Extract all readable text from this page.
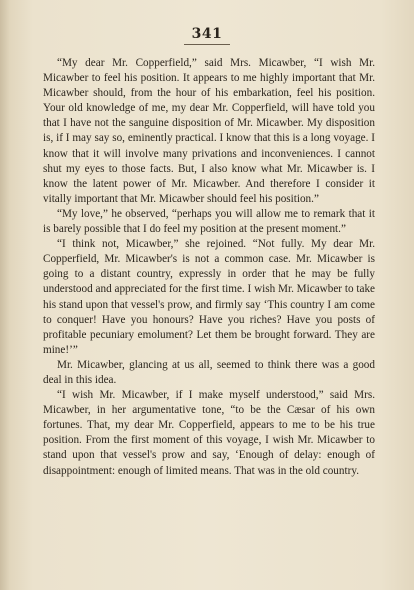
341

“My dear Mr. Copperfield,” said Mrs. Micawber, “I wish Mr. Micawber to feel his position. It appears to me highly important that Mr. Micawber should, from the hour of his embarkation, feel his position. Your old knowledge of me, my dear Mr. Copperfield, will have told you that I have not the sanguine disposition of Mr. Micawber. My disposition is, if I may say so, eminently practical. I know that this is a long voyage. I know that it will involve many privations and inconveniences. I cannot shut my eyes to those facts. But, I also know what Mr. Micawber is. I know the latent power of Mr. Micawber. And therefore I consider it vitally important that Mr. Micawber should feel his position.”

“My love,” he observed, “perhaps you will allow me to remark that it is barely possible that I do feel my position at the present moment.”

“I think not, Micawber,” she rejoined. “Not fully. My dear Mr. Copperfield, Mr. Micawber's is not a common case. Mr. Micawber is going to a distant country, expressly in order that he may be fully understood and appreciated for the first time. I wish Mr. Micawber to take his stand upon that vessel's prow, and firmly say ‘This country I am come to conquer! Have you honours? Have you riches? Have you posts of profitable pecuniary emolument? Let them be brought forward. They are mine!’”

Mr. Micawber, glancing at us all, seemed to think there was a good deal in this idea.

“I wish Mr. Micawber, if I make myself understood,” said Mrs. Micawber, in her argumentative tone, “to be the Cæsar of his own fortunes. That, my dear Mr. Copperfield, appears to me to be his true position. From the first moment of this voyage, I wish Mr. Micawber to stand upon that vessel's prow and say, ‘Enough of delay: enough of disappointment: enough of limited means. That was in the old country.
